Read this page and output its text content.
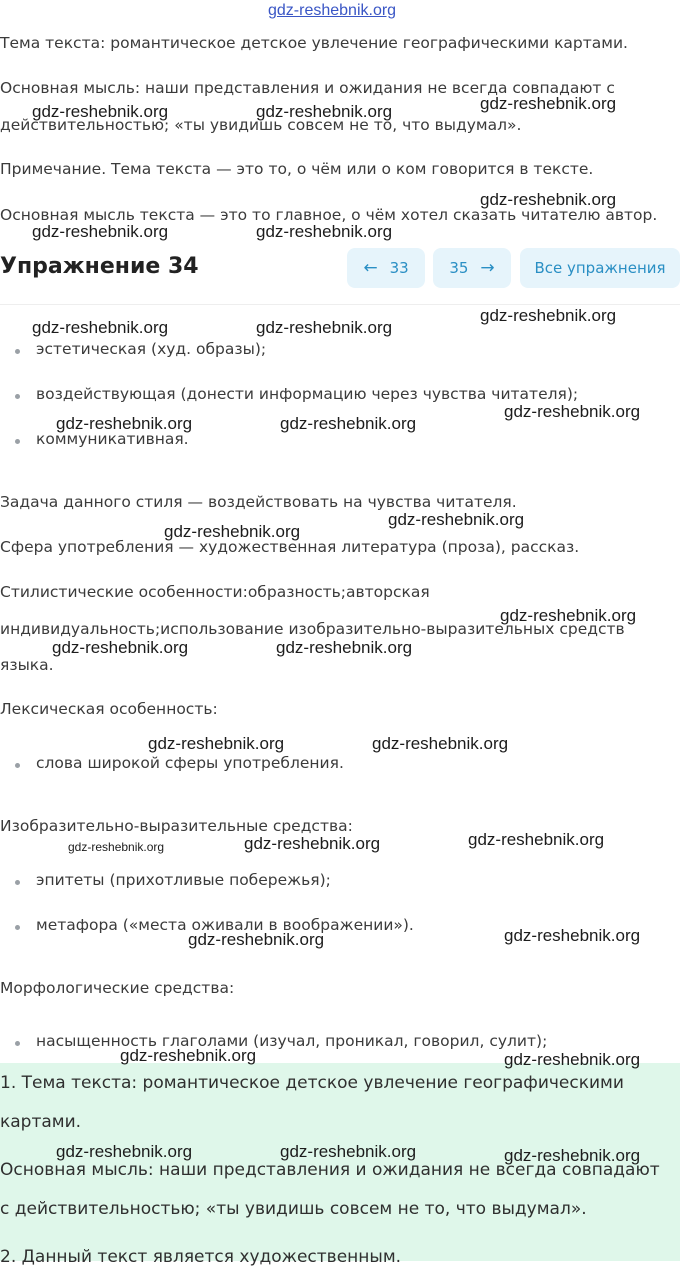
gdz-reshebnik.org
Тема текста: романтическое детское увлечение географическими картами.
Основная мысль: наши представления и ожидания не всегда совпадают с
действительностью; «ты увидишь совсем не то, что выдумал».
Примечание. Тема текста — это то, о чём или о ком говорится в тексте.
Основная мысль текста — это то главное, о чём хотел сказать читателю автор.
Упражнение 34	← 33	35 →	Все упражнения
эстетическая (худ. образы);
воздействующая (донести информацию через чувства читателя);
коммуникативная.
Задача данного стиля — воздействовать на чувства читателя.
Сфера употребления — художественная литература (проза), рассказ.
Стилистические особенности:образность;авторская
индивидуальность;использование изобразительно-выразительных средств
языка.
Лексическая особенность:
слова широкой сферы употребления.
Изобразительно-выразительные средства:
эпитеты (прихотливые побережья);
метафора («места оживали в воображении»).
Морфологические средства:
насыщенность глаголами (изучал, проникал, говорил, сулит);
1. Тема текста: романтическое детское увлечение географическими
картами.
Основная мысль: наши представления и ожидания не всегда совпадают
с действительностью; «ты увидишь совсем не то, что выдумал».
2. Данный текст является художественным.
gdz-reshebnik.org	gdz-reshebnik.org	gdz-reshebnik.org
gdz-reshebnik.org
gdz-reshebnik.org	gdz-reshebnik.org
gdz-reshebnik.org
gdz-reshebnik.org	gdz-reshebnik.org
gdz-reshebnik.org
gdz-reshebnik.org	gdz-reshebnik.org
gdz-reshebnik.org
gdz-reshebnik.org
gdz-reshebnik.org
gdz-reshebnik.org	gdz-reshebnik.org
gdz-reshebnik.org	gdz-reshebnik.org
gdz-reshebnik.org
gdz-reshebnik.org
gdz-reshebnik.org
gdz-reshebnik.org
gdz-reshebnik.org
gdz-reshebnik.org	gdz-reshebnik.org
gdz-reshebnik.org	gdz-reshebnik.org	gdz-reshebnik.org
